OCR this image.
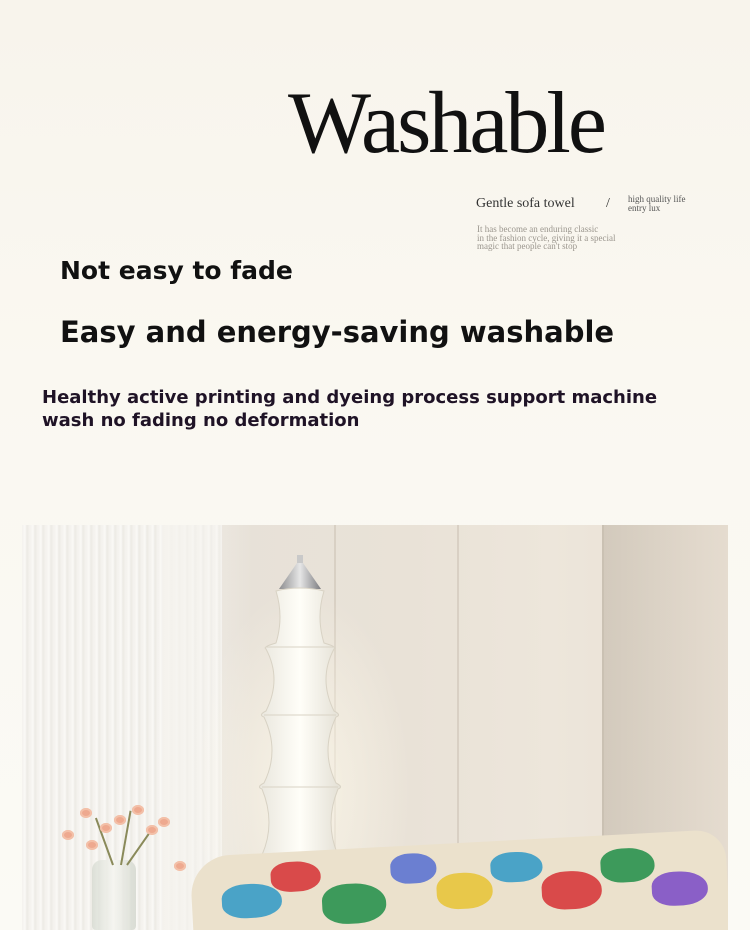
Washable
Gentle sofa towel / high quality life
entry lux
It has become an enduring classic
in the fashion cycle, giving it a special
magic that people can't stop
Not easy to fade
Easy and energy-saving washable
Healthy active printing and dyeing process support machine
wash no fading no deformation
